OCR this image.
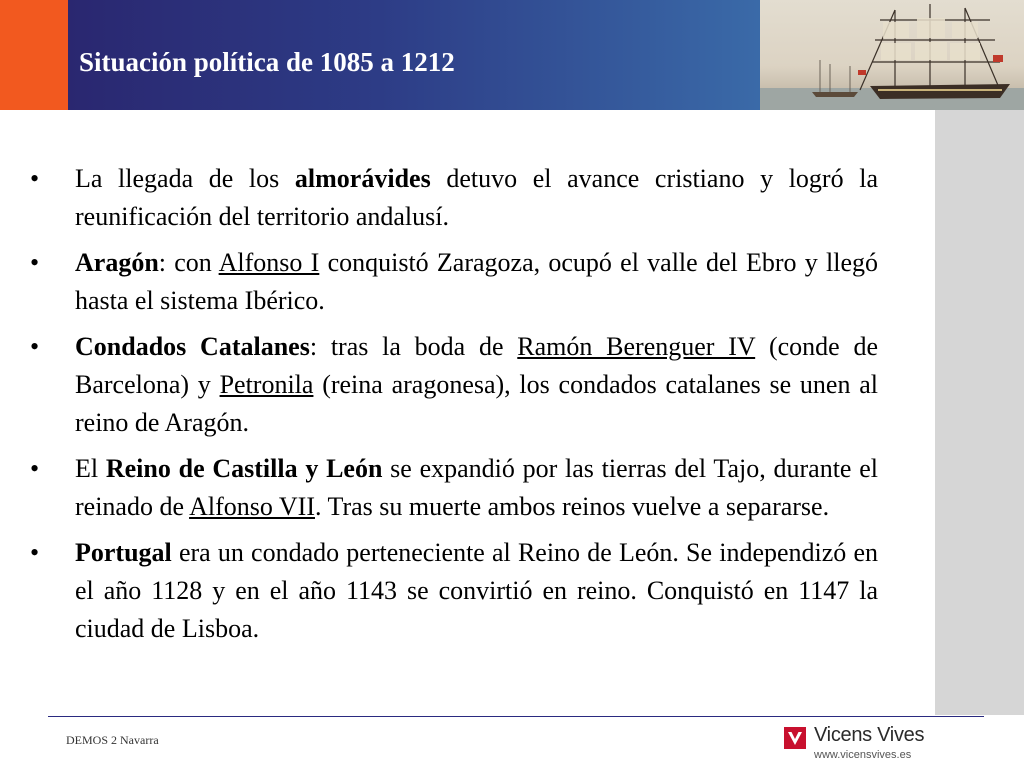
Situación política de 1085 a 1212
• La llegada de los almorávides detuvo el avance cristiano y logró la reunificación del territorio andalusí.
• Aragón: con Alfonso I conquistó Zaragoza, ocupó el valle del Ebro y llegó hasta el sistema Ibérico.
• Condados Catalanes: tras la boda de Ramón Berenguer IV (conde de Barcelona) y Petronila (reina aragonesa), los condados catalanes se unen al reino de Aragón.
• El Reino de Castilla y León se expandió por las tierras del Tajo, durante el reinado de Alfonso VII. Tras su muerte ambos reinos vuelve a separarse.
• Portugal era un condado perteneciente al Reino de León. Se independizó en el año 1128 y en el año 1143 se convirtió en reino. Conquistó en 1147 la ciudad de Lisboa.
DEMOS 2 Navarra	Vicens Vives
www.vicensvives.es
